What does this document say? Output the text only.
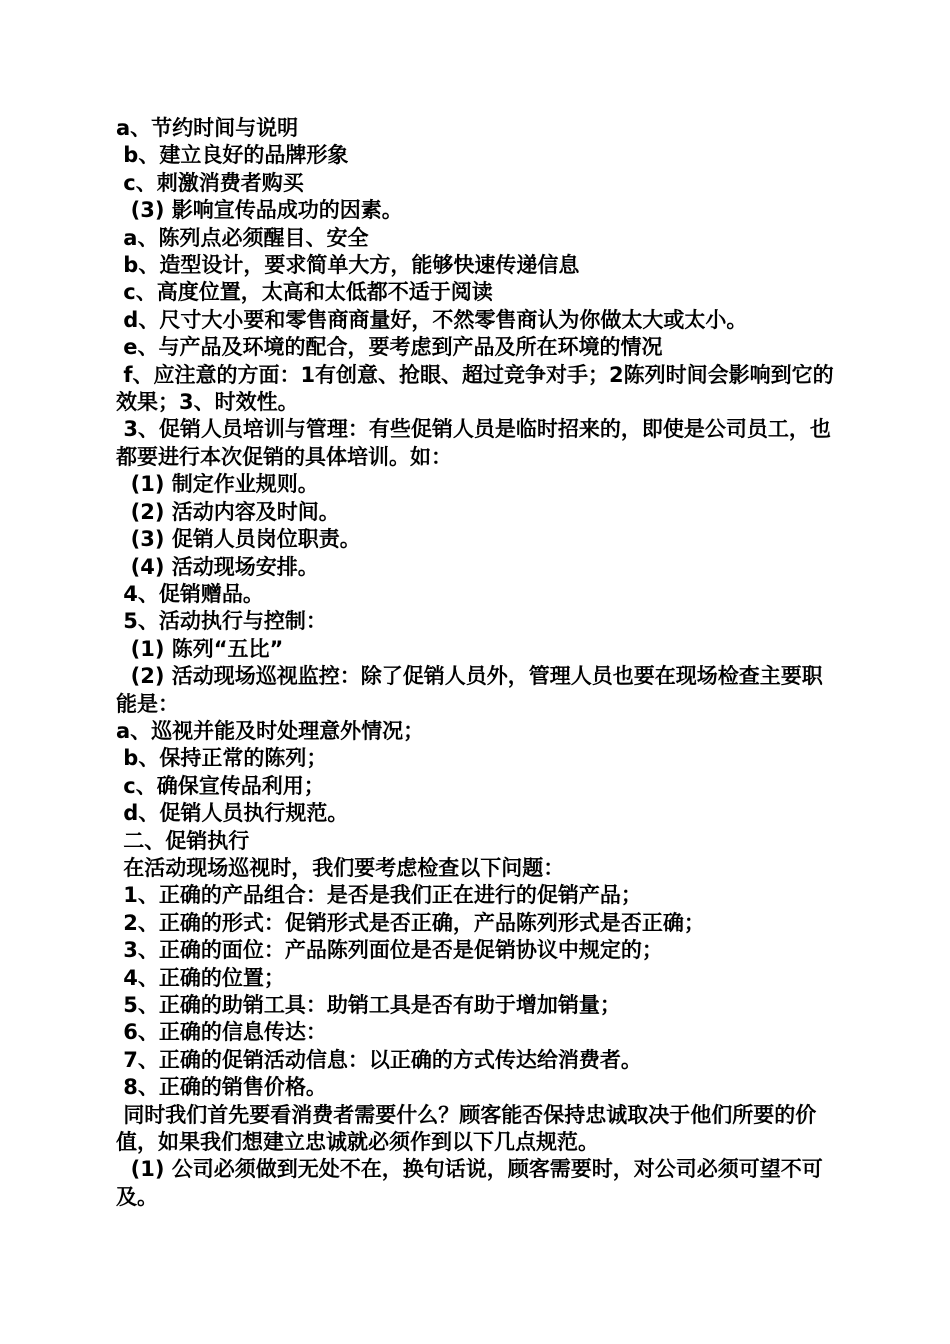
a、节约时间与说明

b、建立良好的品牌形象

c、刺激消费者购买

(3) 影响宣传品成功的因素。

a、陈列点必须醒目、安全

b、造型设计，要求简单大方，能够快速传递信息

c、高度位置，太高和太低都不适于阅读

d、尺寸大小要和零售商商量好，不然零售商认为你做太大或太小。

e、与产品及环境的配合，要考虑到产品及所在环境的情况

f、应注意的方面：1有创意、抢眼、超过竞争对手；2陈列时间会影响到它的效果；3、时效性。

3、促销人员培训与管理：有些促销人员是临时招来的，即使是公司员工，也都要进行本次促销的具体培训。如：

(1) 制定作业规则。

(2) 活动内容及时间。

(3) 促销人员岗位职责。

(4) 活动现场安排。

4、促销赠品。

5、活动执行与控制：

(1) 陈列“五比”

(2) 活动现场巡视监控：除了促销人员外，管理人员也要在现场检查主要职能是：

a、巡视并能及时处理意外情况；

b、保持正常的陈列；

c、确保宣传品利用；

d、促销人员执行规范。

二、促销执行

在活动现场巡视时，我们要考虑检查以下问题：

1、正确的产品组合：是否是我们正在进行的促销产品；

2、正确的形式：促销形式是否正确，产品陈列形式是否正确；

3、正确的面位：产品陈列面位是否是促销协议中规定的；

4、正确的位置；

5、正确的助销工具：助销工具是否有助于增加销量；

6、正确的信息传达：

7、正确的促销活动信息：以正确的方式传达给消费者。

8、正确的销售价格。

同时我们首先要看消费者需要什么？顾客能否保持忠诚取决于他们所要的价值，如果我们想建立忠诚就必须作到以下几点规范。

(1) 公司必须做到无处不在，换句话说，顾客需要时，对公司必须可望不可及。
